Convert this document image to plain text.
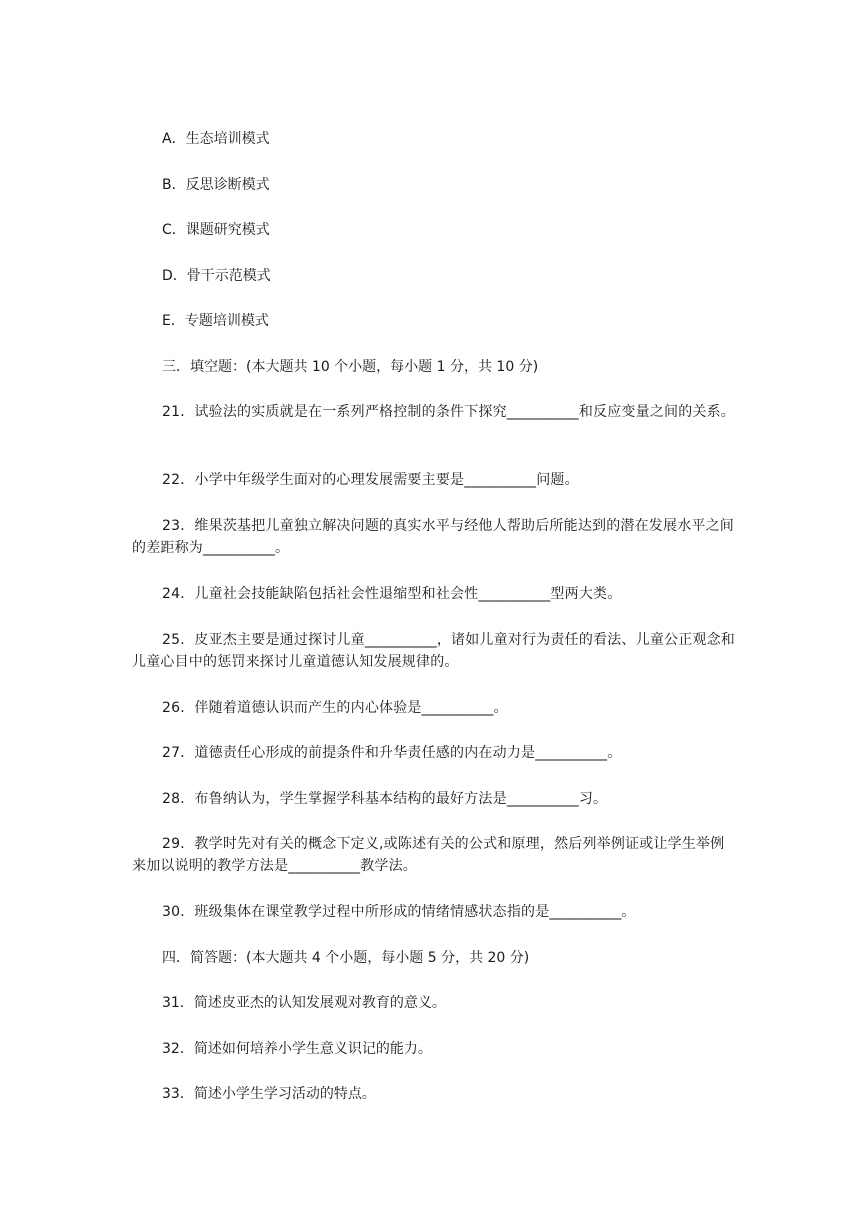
A．生态培训模式

B．反思诊断模式

C．课题研究模式

D．骨干示范模式

E．专题培训模式

三．填空题：(本大题共 10 个小题，每小题 1 分，共 10 分)

21．试验法的实质就是在一系列严格控制的条件下探究__________和反应变量之间的关系。

22．小学中年级学生面对的心理发展需要主要是__________问题。

23．维果茨基把儿童独立解决问题的真实水平与经他人帮助后所能达到的潜在发展水平之间的差距称为__________。

24．儿童社会技能缺陷包括社会性退缩型和社会性__________型两大类。

25．皮亚杰主要是通过探讨儿童__________，诸如儿童对行为责任的看法、儿童公正观念和儿童心目中的惩罚来探讨儿童道德认知发展规律的。

26．伴随着道德认识而产生的内心体验是__________。

27．道德责任心形成的前提条件和升华责任感的内在动力是__________。

28．布鲁纳认为，学生掌握学科基本结构的最好方法是__________习。

29．教学时先对有关的概念下定义,或陈述有关的公式和原理，然后列举例证或让学生举例来加以说明的教学方法是__________教学法。

30．班级集体在课堂教学过程中所形成的情绪情感状态指的是__________。

四．简答题：(本大题共 4 个小题，每小题 5 分，共 20 分)

31．简述皮亚杰的认知发展观对教育的意义。

32．简述如何培养小学生意义识记的能力。

33．简述小学生学习活动的特点。
